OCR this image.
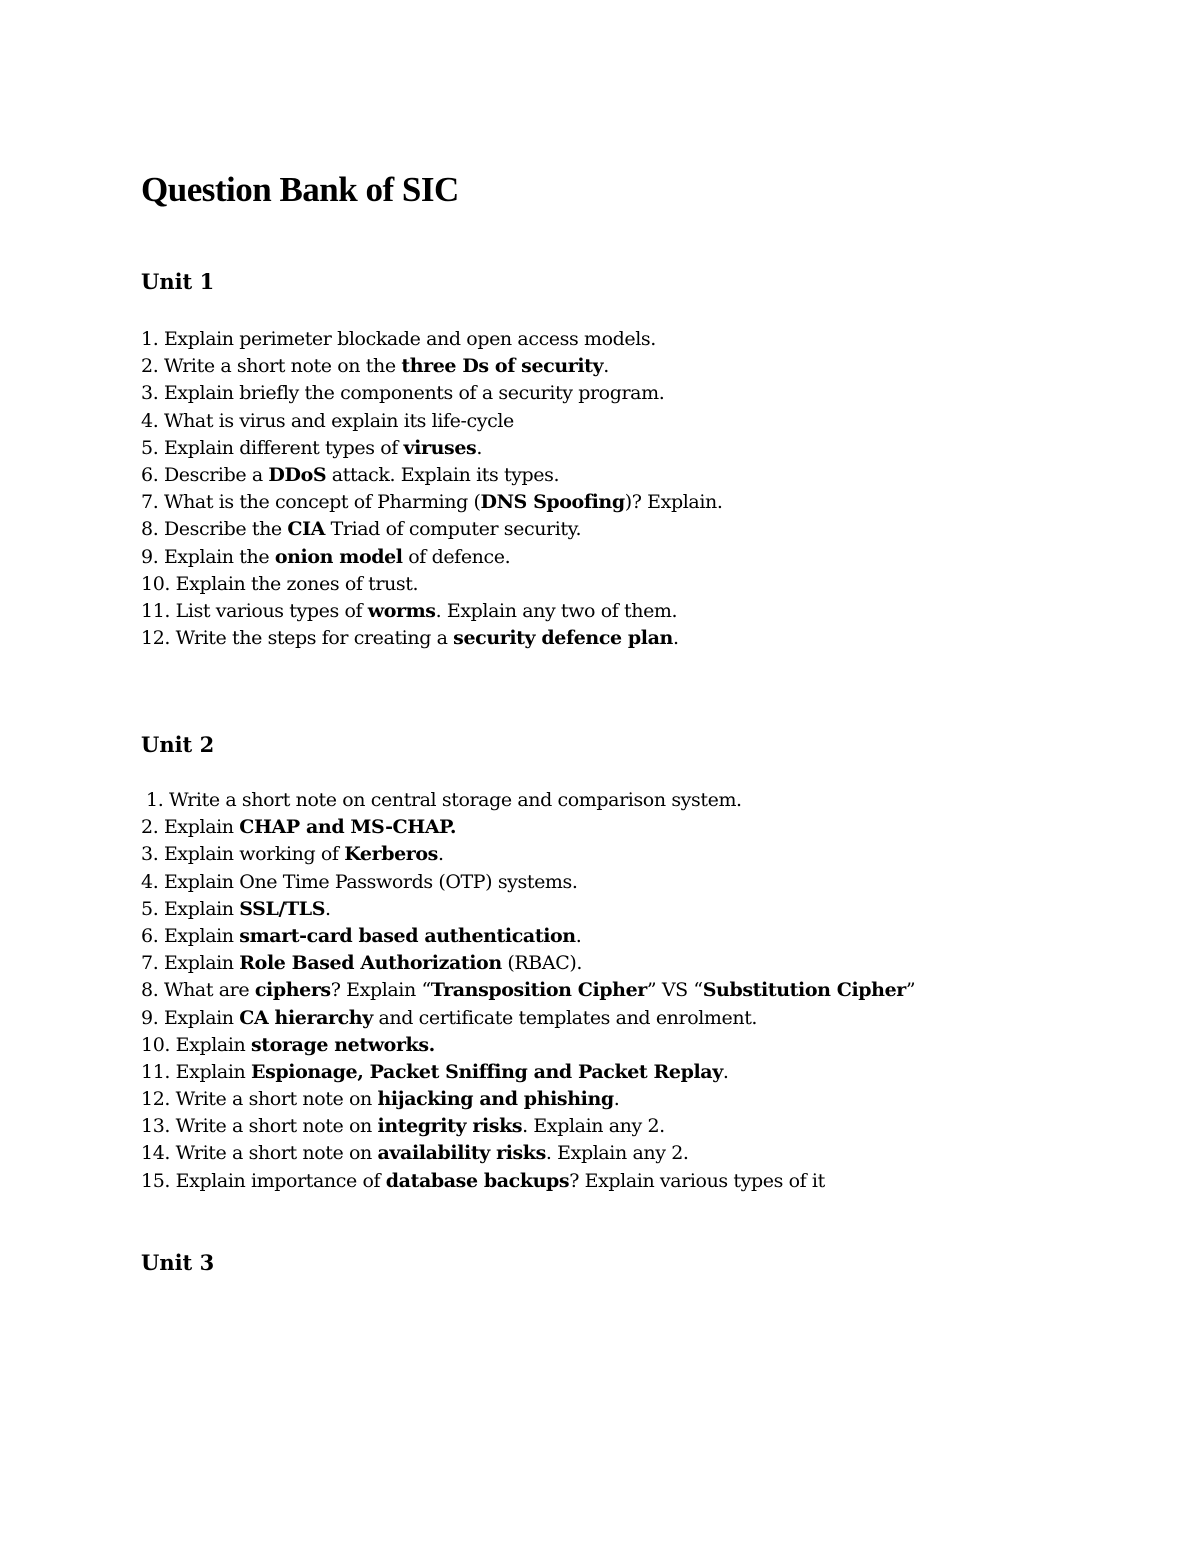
Question Bank of SIC
Unit 1
1. Explain perimeter blockade and open access models.
2. Write a short note on the three Ds of security.
3. Explain briefly the components of a security program.
4. What is virus and explain its life-cycle
5. Explain different types of viruses.
6. Describe a DDoS attack. Explain its types.
7. What is the concept of Pharming (DNS Spoofing)? Explain.
8. Describe the CIA Triad of computer security.
9. Explain the onion model of defence.
10. Explain the zones of trust.
11. List various types of worms. Explain any two of them.
12. Write the steps for creating a security defence plan.
Unit 2
1. Write a short note on central storage and comparison system.
2. Explain CHAP and MS-CHAP.
3. Explain working of Kerberos.
4. Explain One Time Passwords (OTP) systems.
5. Explain SSL/TLS.
6. Explain smart-card based authentication.
7. Explain Role Based Authorization (RBAC).
8. What are ciphers? Explain “Transposition Cipher” VS “Substitution Cipher”
9. Explain CA hierarchy and certificate templates and enrolment.
10. Explain storage networks.
11. Explain Espionage, Packet Sniffing and Packet Replay.
12. Write a short note on hijacking and phishing.
13. Write a short note on integrity risks. Explain any 2.
14. Write a short note on availability risks. Explain any 2.
15. Explain importance of database backups? Explain various types of it
Unit 3
